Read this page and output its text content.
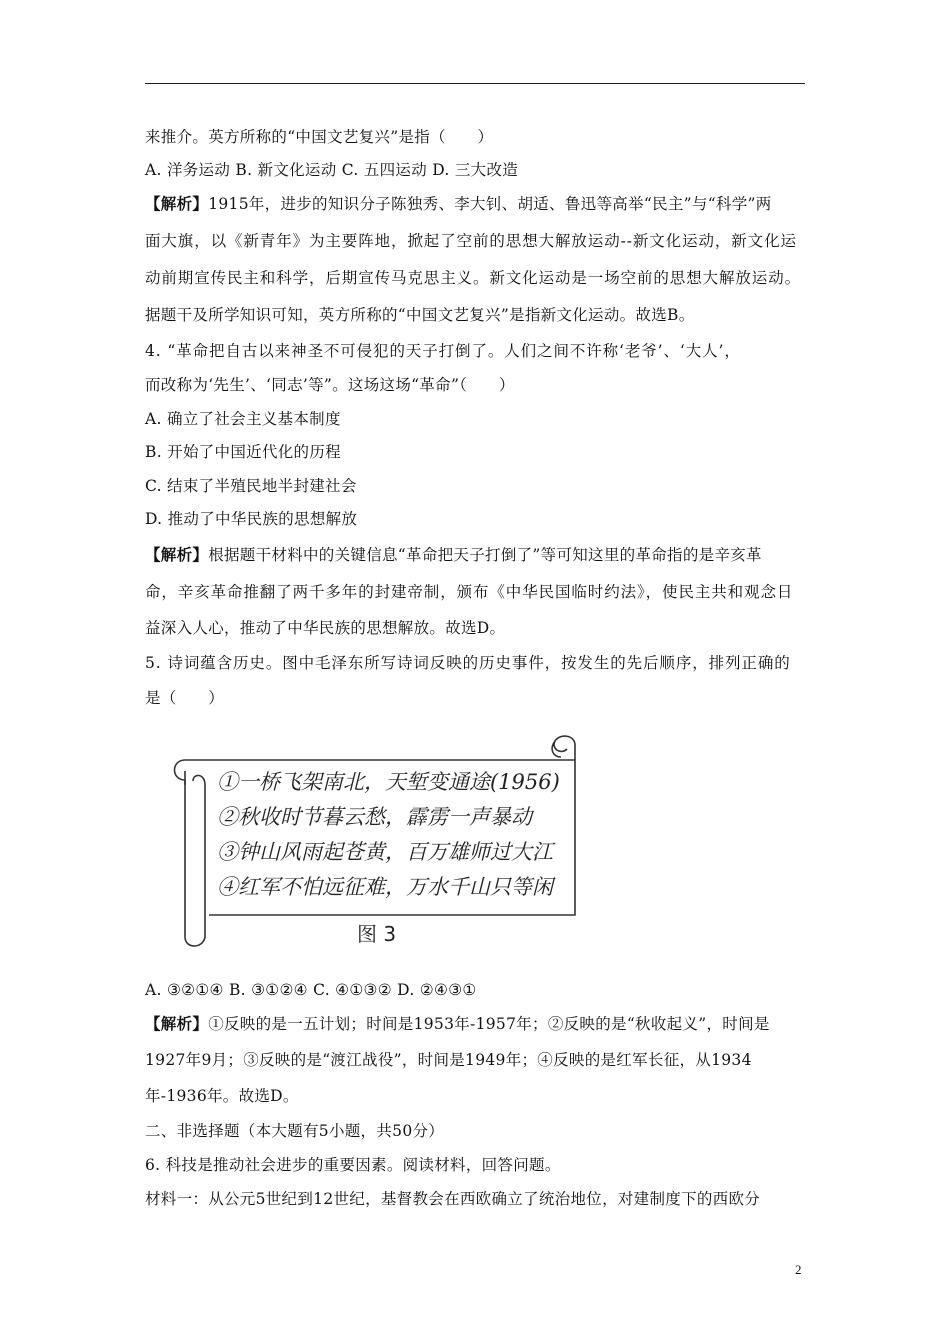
来推介。英方所称的“中国文艺复兴”是指（　　）
A. 洋务运动 B. 新文化运动 C. 五四运动 D. 三大改造
【解析】1915年，进步的知识分子陈独秀、李大钊、胡适、鲁迅等高举“民主”与“科学”两
面大旗，以《新青年》为主要阵地，掀起了空前的思想大解放运动--新文化运动，新文化运
动前期宣传民主和科学，后期宣传马克思主义。新文化运动是一场空前的思想大解放运动。
据题干及所学知识可知，英方所称的“中国文艺复兴”是指新文化运动。故选B。
4. “革命把自古以来神圣不可侵犯的天子打倒了。人们之间不许称‘老爷’、‘大人’，
而改称为‘先生’、‘同志’等”。这场这场“革命”（　　）
A. 确立了社会主义基本制度
B. 开始了中国近代化的历程
C. 结束了半殖民地半封建社会
D. 推动了中华民族的思想解放
【解析】根据题干材料中的关键信息“革命把天子打倒了”等可知这里的革命指的是辛亥革
命，辛亥革命推翻了两千多年的封建帝制，颁布《中华民国临时约法》，使民主共和观念日
益深入人心，推动了中华民族的思想解放。故选D。
5. 诗词蕴含历史。图中毛泽东所写诗词反映的历史事件，按发生的先后顺序，排列正确的
是（　　）
①一桥飞架南北，天堑变通途(1956)
②秋收时节暮云愁，霹雳一声暴动
③钟山风雨起苍黄，百万雄师过大江
④红军不怕远征难，万水千山只等闲
图 3
A. ③②①④ B. ③①②④ C. ④①③② D. ②④③①
【解析】①反映的是一五计划；时间是1953年-1957年；②反映的是“秋收起义”，时间是
1927年9月；③反映的是“渡江战役”，时间是1949年；④反映的是红军长征，从1934
年-1936年。故选D。
二、非选择题（本大题有5小题，共50分）
6. 科技是推动社会进步的重要因素。阅读材料，回答问题。
材料一：从公元5世纪到12世纪，基督教会在西欧确立了统治地位，对建制度下的西欧分
2
